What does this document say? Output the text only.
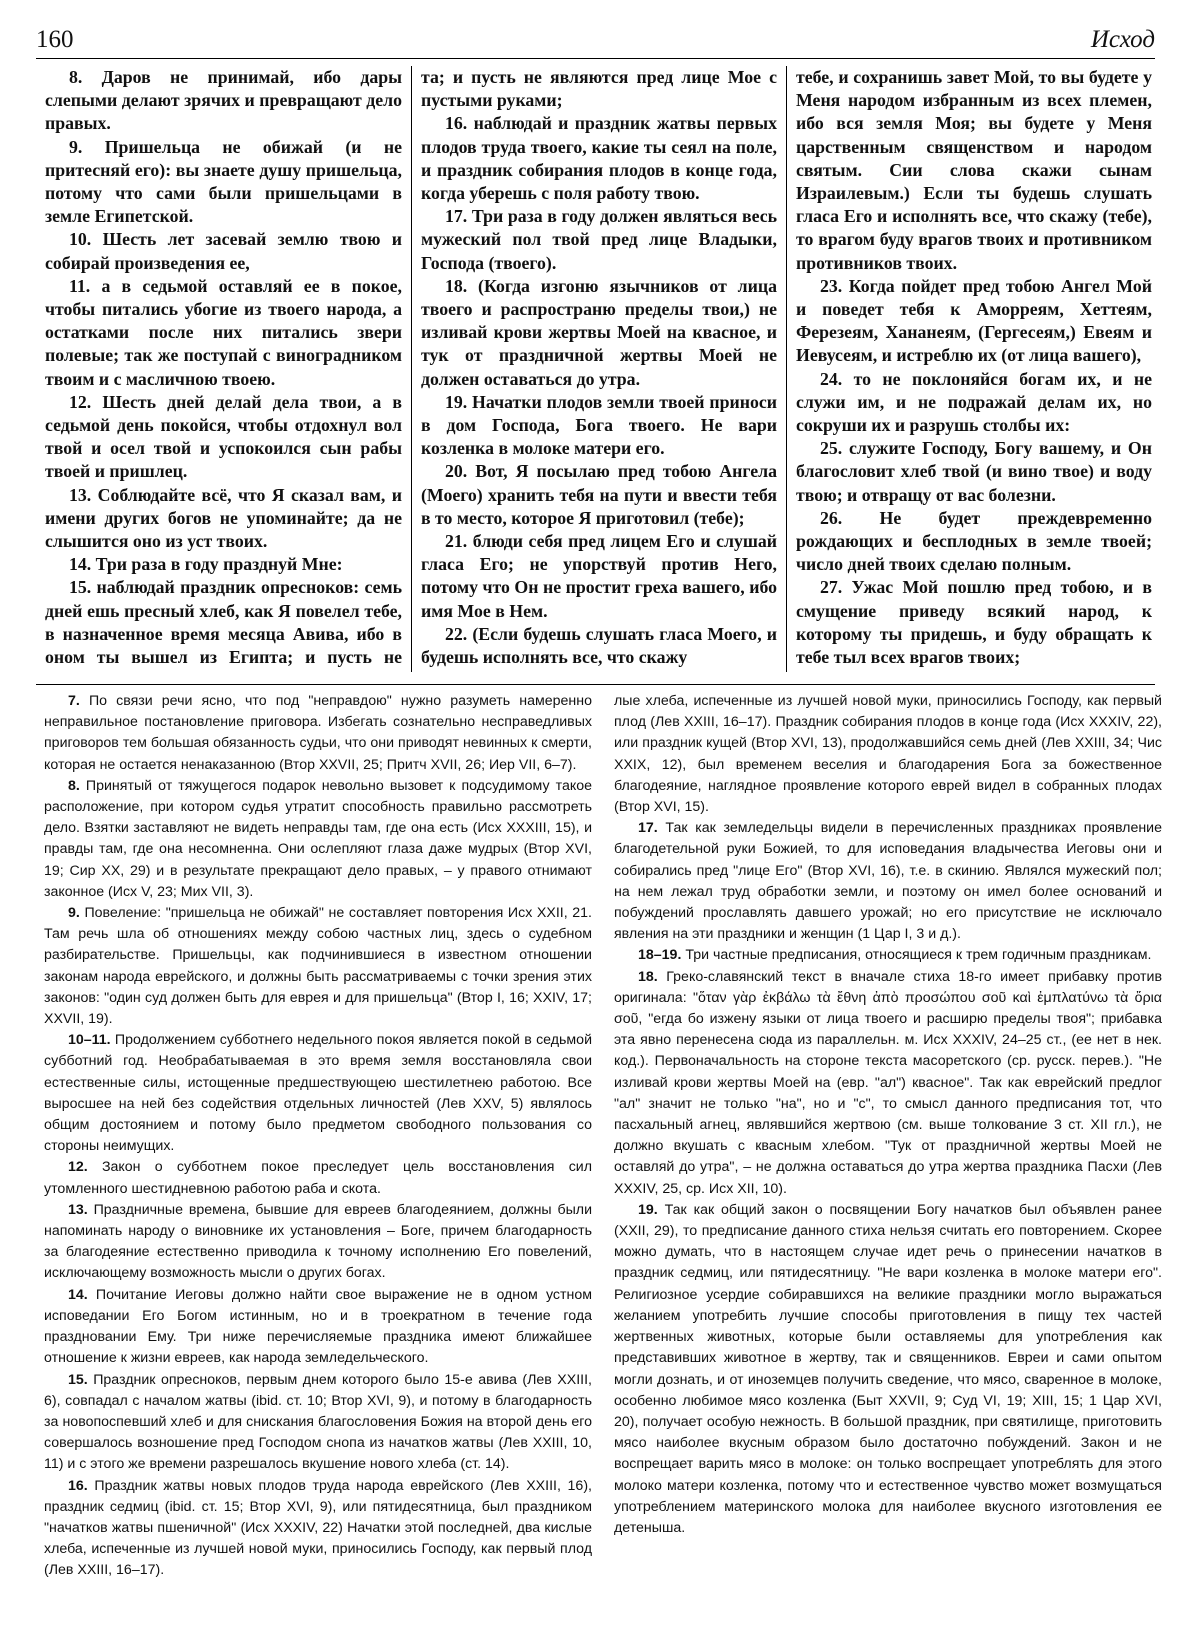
160	Исход

8. Даров не принимай, ибо дары слепыми делают зрячих и превращают дело правых.

9. Пришельца не обижай (и не притесняй его): вы знаете душу пришельца, потому что сами были пришельцами в земле Египетской.

10. Шесть лет засевай землю твою и собирай произведения ее,

11. а в седьмой оставляй ее в покое, чтобы питались убогие из твоего народа, а остатками после них питались звери полевые; так же поступай с виноградником твоим и с масличною твоею.

12. Шесть дней делай дела твои, а в седьмой день покойся, чтобы отдохнул вол твой и осел твой и успокоился сын рабы твоей и пришлец.

13. Соблюдайте всё, что Я сказал вам, и имени других богов не упоминайте; да не слышится оно из уст твоих.

14. Три раза в году празднуй Мне:

15. наблюдай праздник опресноков: семь дней ешь пресный хлеб, как Я повелел тебе, в назначенное время месяца Авива, ибо в оном ты вышел из Египта; и пусть не

та; и пусть не являются пред лице Мое с пустыми руками;

16. наблюдай и праздник жатвы первых плодов труда твоего, какие ты сеял на поле, и праздник собирания плодов в конце года, когда уберешь с поля работу твою.

17. Три раза в году должен являться весь мужеский пол твой пред лице Владыки, Господа (твоего).

18. (Когда изгоню язычников от лица твоего и распространю пределы твои,) не изливай крови жертвы Моей на квасное, и тук от праздничной жертвы Моей не должен оставаться до утра.

19. Начатки плодов земли твоей приноси в дом Господа, Бога твоего. Не вари козленка в молоке матери его.

20. Вот, Я посылаю пред тобою Ангела (Моего) хранить тебя на пути и ввести тебя в то место, которое Я приготовил (тебе);

21. блюди себя пред лицем Его и слушай гласа Его; не упорствуй против Него, потому что Он не простит греха вашего, ибо имя Мое в Нем.

22. (Если будешь слушать гласа Моего, и будешь исполнять все, что скажу

тебе, и сохранишь завет Мой, то вы будете у Меня народом избранным из всех племен, ибо вся земля Моя; вы будете у Меня царственным священством и народом святым. Сии слова скажи сынам Израилевым.) Если ты будешь слушать гласа Его и исполнять все, что скажу (тебе), то врагом буду врагов твоих и противником противников твоих.

23. Когда пойдет пред тобою Ангел Мой и поведет тебя к Аморреям, Хеттеям, Ферезеям, Хананеям, (Гергесеям,) Евеям и Иевусеям, и истреблю их (от лица вашего),

24. то не поклоняйся богам их, и не служи им, и не подражай делам их, но сокруши их и разрушь столбы их:

25. служите Господу, Богу вашему, и Он благословит хлеб твой (и вино твое) и воду твою; и отвращу от вас болезни.

26. Не будет преждевременно рождающих и бесплодных в земле твоей; число дней твоих сделаю полным.

27. Ужас Мой пошлю пред тобою, и в смущение приведу всякий народ, к которому ты придешь, и буду обращать к тебе тыл всех врагов твоих;

7. По связи речи ясно, что под "неправдою" нужно разуметь намеренно неправильное постановление приговора. Избегать сознательно несправедливых приговоров тем большая обязанность судьи, что они приводят невинных к смерти, которая не остается ненаказанною (Втор XXVII, 25; Притч XVII, 26; Иер VII, 6–7).

8. Принятый от тяжущегося подарок невольно вызовет к подсудимому такое расположение, при котором судья утратит способность правильно рассмотреть дело. Взятки заставляют не видеть неправды там, где она есть (Исх XXXIII, 15), и правды там, где она несомненна. Они ослепляют глаза даже мудрых (Втор XVI, 19; Сир XX, 29) и в результате прекращают дело правых, – у правого отнимают законное (Исх V, 23; Мих VII, 3).

9. Повеление: "пришельца не обижай" не составляет повторения Исх XXII, 21. Там речь шла об отношениях между собою частных лиц, здесь о судебном разбирательстве. Пришельцы, как подчинившиеся в известном отношении законам народа еврейского, и должны быть рассматриваемы с точки зрения этих законов: "один суд должен быть для еврея и для пришельца" (Втор I, 16; XXIV, 17; XXVII, 19).

10–11. Продолжением субботнего недельного покоя является покой в седьмой субботний год. Необрабатываемая в это время земля восстановляла свои естественные силы, истощенные предшествующею шестилетнею работою. Все выросшее на ней без содействия отдельных личностей (Лев XXV, 5) являлось общим достоянием и потому было предметом свободного пользования со стороны неимущих.

12. Закон о субботнем покое преследует цель восстановления сил утомленного шестидневною работою раба и скота.

13. Праздничные времена, бывшие для евреев благодеянием, должны были напоминать народу о виновнике их установления – Боге, причем благодарность за благодеяние естественно приводила к точному исполнению Его повелений, исключающему возможность мысли о других богах.

14. Почитание Иеговы должно найти свое выражение не в одном устном исповедании Его Богом истинным, но и в троекратном в течение года праздновании Ему. Три ниже перечисляемые праздника имеют ближайшее отношение к жизни евреев, как народа земледельческого.

15. Праздник опресноков, первым днем которого было 15-е авива (Лев XXIII, 6), совпадал с началом жатвы (ibid. ст. 10; Втор XVI, 9), и потому в благодарность за новопоспевший хлеб и для снискания благословения Божия на второй день его совершалось возношение пред Господом снопа из начатков жатвы (Лев XXIII, 10, 11) и с этого же времени разрешалось вкушение нового хлеба (ст. 14).

16. Праздник жатвы новых плодов труда народа еврейского (Лев XXIII, 16), праздник седмиц (ibid. ст. 15; Втор XVI, 9), или пятидесятница, был праздником "начатков жатвы пшеничной" (Исх XXXIV, 22) Начатки этой последней, два кислые хлеба, испеченные из лучшей новой муки, приносились Господу, как первый плод (Лев XXIII, 16–17).

лые хлеба, испеченные из лучшей новой муки, приносились Господу, как первый плод (Лев XXIII, 16–17). Праздник собирания плодов в конце года (Исх XXXIV, 22), или праздник кущей (Втор XVI, 13), продолжавшийся семь дней (Лев XXIII, 34; Чис XXIX, 12), был временем веселия и благодарения Бога за божественное благодеяние, наглядное проявление которого еврей видел в собранных плодах (Втор XVI, 15).

17. Так как земледельцы видели в перечисленных праздниках проявление благодетельной руки Божией, то для исповедания владычества Иеговы они и собирались пред "лице Его" (Втор XVI, 16), т.е. в скинию. Являлся мужеский пол; на нем лежал труд обработки земли, и поэтому он имел более оснований и побуждений прославлять давшего урожай; но его присутствие не исключало явления на эти праздники и женщин (1 Цар I, 3 и д.).

18–19. Три частные предписания, относящиеся к трем годичным праздникам.

18. Греко-славянский текст в вначале стиха 18-го имеет прибавку против оригинала: "ὅταν γὰρ ἐκβάλω τὰ ἔθνη ἀπὸ προσώπου σοῦ καὶ ἐμπλατύνω τὰ ὅρια σοῦ, "егда бо изжену языки от лица твоего и расширю пределы твоя"; прибавка эта явно перенесена сюда из параллельн. м. Исх XXXIV, 24–25 ст., (ее нет в нек. код.). Первоначальность на стороне текста масоретского (ср. русск. перев.). "Не изливай крови жертвы Моей на (евр. "ал") квасное". Так как еврейский предлог "ал" значит не только "на", но и "с", то смысл данного предписания тот, что пасхальный агнец, являвшийся жертвою (см. выше толкование 3 ст. XII гл.), не должно вкушать с квасным хлебом. "Тук от праздничной жертвы Моей не оставляй до утра", – не должна оставаться до утра жертва праздника Пасхи (Лев XXXIV, 25, ср. Исх XII, 10).

19. Так как общий закон о посвящении Богу начатков был объявлен ранее (XXII, 29), то предписание данного стиха нельзя считать его повторением. Скорее можно думать, что в настоящем случае идет речь о принесении начатков в праздник седмиц, или пятидесятницу. "Не вари козленка в молоке матери его". Религиозное усердие собиравшихся на великие праздники могло выражаться желанием употребить лучшие способы приготовления в пищу тех частей жертвенных животных, которые были оставляемы для употребления как представивших животное в жертву, так и священников. Евреи и сами опытом могли дознать, и от иноземцев получить сведение, что мясо, сваренное в молоке, особенно любимое мясо козленка (Быт XXVII, 9; Суд VI, 19; XIII, 15; 1 Цар XVI, 20), получает особую нежность. В большой праздник, при святилище, приготовить мясо наиболее вкусным образом было достаточно побуждений. Закон и не воспрещает варить мясо в молоке: он только воспрещает употреблять для этого молоко матери козленка, потому что и естественное чувство может возмущаться употреблением материнского молока для наиболее вкусного изготовления ее детеныша.
